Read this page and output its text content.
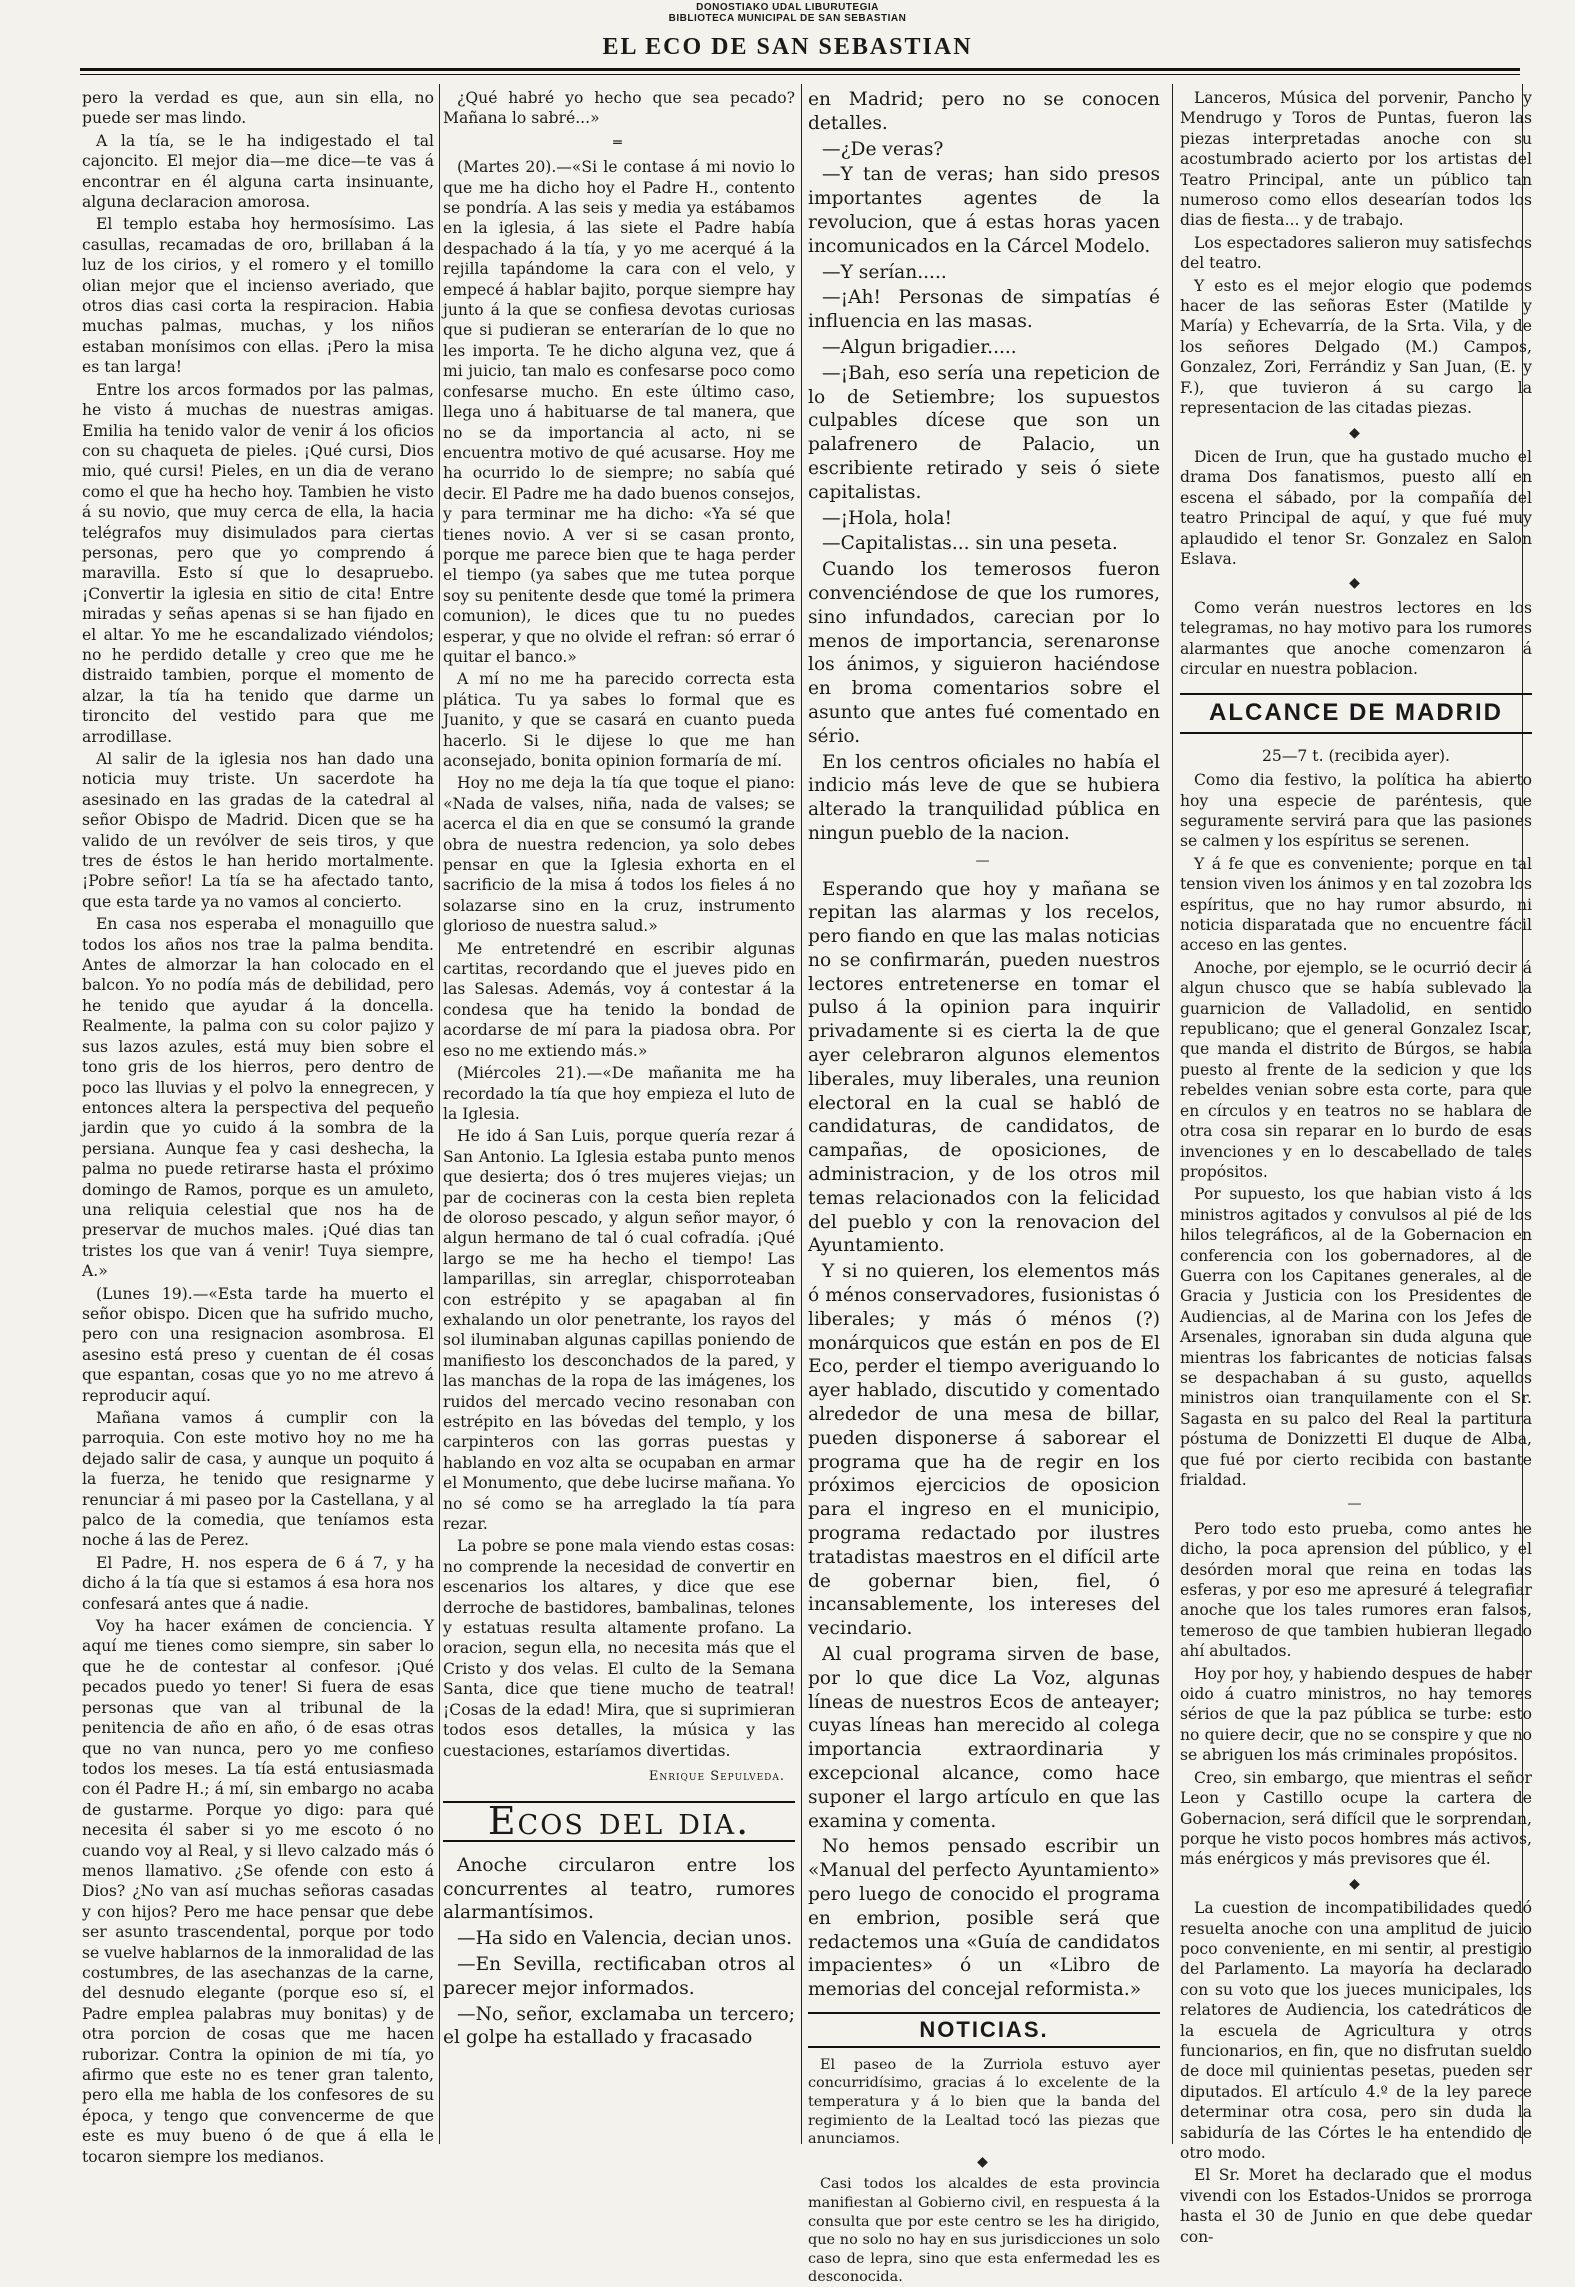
DONOSTIAKO UDAL LIBURUTEGIA
BIBLIOTECA MUNICIPAL DE SAN SEBASTIAN
EL ECO DE SAN SEBASTIAN

pero la verdad es que, aun sin ella, no puede ser mas lindo.

A la tía, se le ha indigestado el tal cajoncito. El mejor dia—me dice—te vas á encontrar en él alguna carta insinuante, alguna declaracion amorosa.

El templo estaba hoy hermosísimo. Las casullas, recamadas de oro, brillaban á la luz de los cirios, y el romero y el tomillo olian mejor que el incienso averiado, que otros dias casi corta la respiracion. Habia muchas palmas, muchas, y los niños estaban monísimos con ellas. ¡Pero la misa es tan larga!

Entre los arcos formados por las palmas, he visto á muchas de nuestras amigas. Emilia ha tenido valor de venir á los oficios con su chaqueta de pieles. ¡Qué cursi, Dios mio, qué cursi! Pieles, en un dia de verano como el que ha hecho hoy. Tambien he visto á su novio, que muy cerca de ella, la hacia telégrafos muy disimulados para ciertas personas, pero que yo comprendo á maravilla. Esto sí que lo desapruebo. ¡Convertir la iglesia en sitio de cita! Entre miradas y señas apenas si se han fijado en el altar. Yo me he escandalizado viéndolos; no he perdido detalle y creo que me he distraido tambien, porque el momento de alzar, la tía ha tenido que darme un tironcito del vestido para que me arrodillase.

Al salir de la iglesia nos han dado una noticia muy triste. Un sacerdote ha asesinado en las gradas de la catedral al señor Obispo de Madrid. Dicen que se ha valido de un revólver de seis tiros, y que tres de éstos le han herido mortalmente. ¡Pobre señor! La tía se ha afectado tanto, que esta tarde ya no vamos al concierto.

En casa nos esperaba el monaguillo que todos los años nos trae la palma bendita. Antes de almorzar la han colocado en el balcon. Yo no podía más de debilidad, pero he tenido que ayudar á la doncella. Realmente, la palma con su color pajizo y sus lazos azules, está muy bien sobre el tono gris de los hierros, pero dentro de poco las lluvias y el polvo la ennegrecen, y entonces altera la perspectiva del pequeño jardin que yo cuido á la sombra de la persiana. Aunque fea y casi deshecha, la palma no puede retirarse hasta el próximo domingo de Ramos, porque es un amuleto, una reliquia celestial que nos ha de preservar de muchos males. ¡Qué dias tan tristes los que van á venir! Tuya siempre, A.»

(Lunes 19).—«Esta tarde ha muerto el señor obispo. Dicen que ha sufrido mucho, pero con una resignacion asombrosa. El asesino está preso y cuentan de él cosas que espantan, cosas que yo no me atrevo á reproducir aquí.

Mañana vamos á cumplir con la parroquia. Con este motivo hoy no me ha dejado salir de casa, y aunque un poquito á la fuerza, he tenido que resignarme y renunciar á mi paseo por la Castellana, y al palco de la comedia, que teníamos esta noche á las de Perez.

El Padre, H. nos espera de 6 á 7, y ha dicho á la tía que si estamos á esa hora nos confesará antes que á nadie.

Voy ha hacer exámen de conciencia. Y aquí me tienes como siempre, sin saber lo que he de contestar al confesor. ¡Qué pecados puedo yo tener! Si fuera de esas personas que van al tribunal de la penitencia de año en año, ó de esas otras que no van nunca, pero yo me confieso todos los meses. La tía está entusiasmada con él Padre H.; á mí, sin embargo no acaba de gustarme. Porque yo digo: para qué necesita él saber si yo me escoto ó no cuando voy al Real, y si llevo calzado más ó menos llamativo. ¿Se ofende con esto á Dios? ¿No van así muchas señoras casadas y con hijos? Pero me hace pensar que debe ser asunto trascendental, porque por todo se vuelve hablarnos de la inmoralidad de las costumbres, de las asechanzas de la carne, del desnudo elegante (porque eso sí, el Padre emplea palabras muy bonitas) y de otra porcion de cosas que me hacen ruborizar. Contra la opinion de mi tía, yo afirmo que este no es tener gran talento, pero ella me habla de los confesores de su época, y tengo que convencerme de que este es muy bueno ó de que á ella le tocaron siempre los medianos.

¿Qué habré yo hecho que sea pecado? Mañana lo sabré...»

═

(Martes 20).—«Si le contase á mi novio lo que me ha dicho hoy el Padre H., contento se pondría. A las seis y media ya estábamos en la iglesia, á las siete el Padre había despachado á la tía, y yo me acerqué á la rejilla tapándome la cara con el velo, y empecé á hablar bajito, porque siempre hay junto á la que se confiesa devotas curiosas que si pudieran se enterarían de lo que no les importa. Te he dicho alguna vez, que á mi juicio, tan malo es confesarse poco como confesarse mucho. En este último caso, llega uno á habituarse de tal manera, que no se da importancia al acto, ni se encuentra motivo de qué acusarse. Hoy me ha ocurrido lo de siempre; no sabía qué decir. El Padre me ha dado buenos consejos, y para terminar me ha dicho: «Ya sé que tienes novio. A ver si se casan pronto, porque me parece bien que te haga perder el tiempo (ya sabes que me tutea porque soy su penitente desde que tomé la primera comunion), le dices que tu no puedes esperar, y que no olvide el refran: só errar ó quitar el banco.»

A mí no me ha parecido correcta esta plática. Tu ya sabes lo formal que es Juanito, y que se casará en cuanto pueda hacerlo. Si le dijese lo que me han aconsejado, bonita opinion formaría de mí.

Hoy no me deja la tía que toque el piano: «Nada de valses, niña, nada de valses; se acerca el dia en que se consumó la grande obra de nuestra redencion, ya solo debes pensar en que la Iglesia exhorta en el sacrificio de la misa á todos los fieles á no solazarse sino en la cruz, instrumento glorioso de nuestra salud.»

Me entretendré en escribir algunas cartitas, recordando que el jueves pido en las Salesas. Además, voy á contestar á la condesa que ha tenido la bondad de acordarse de mí para la piadosa obra. Por eso no me extiendo más.»

(Miércoles 21).—«De mañanita me ha recordado la tía que hoy empieza el luto de la Iglesia.

He ido á San Luis, porque quería rezar á San Antonio. La Iglesia estaba punto menos que desierta; dos ó tres mujeres viejas; un par de cocineras con la cesta bien repleta de oloroso pescado, y algun señor mayor, ó algun hermano de tal ó cual cofradía. ¡Qué largo se me ha hecho el tiempo! Las lamparillas, sin arreglar, chisporroteaban con estrépito y se apagaban al fin exhalando un olor penetrante, los rayos del sol iluminaban algunas capillas poniendo de manifiesto los desconchados de la pared, y las manchas de la ropa de las imágenes, los ruidos del mercado vecino resonaban con estrépito en las bóvedas del templo, y los carpinteros con las gorras puestas y hablando en voz alta se ocupaban en armar el Monumento, que debe lucirse mañana. Yo no sé como se ha arreglado la tía para rezar.

La pobre se pone mala viendo estas cosas: no comprende la necesidad de convertir en escenarios los altares, y dice que ese derroche de bastidores, bambalinas, telones y estatuas resulta altamente profano. La oracion, segun ella, no necesita más que el Cristo y dos velas. El culto de la Semana Santa, dice que tiene mucho de teatral! ¡Cosas de la edad! Mira, que si suprimieran todos esos detalles, la música y las cuestaciones, estaríamos divertidas.

Enrique Sepulveda.
Ecos del dia.

Anoche circularon entre los concurrentes al teatro, rumores alarmantísimos.

—Ha sido en Valencia, decian unos.

—En Sevilla, rectificaban otros al parecer mejor informados.

—No, señor, exclamaba un tercero; el golpe ha estallado y fracasado

en Madrid; pero no se conocen detalles.

—¿De veras?

—Y tan de veras; han sido presos importantes agentes de la revolucion, que á estas horas yacen incomunicados en la Cárcel Modelo.

—Y serían.....

—¡Ah! Personas de simpatías é influencia en las masas.

—Algun brigadier.....

—¡Bah, eso sería una repeticion de lo de Setiembre; los supuestos culpables dícese que son un palafrenero de Palacio, un escribiente retirado y seis ó siete capitalistas.

—¡Hola, hola!

—Capitalistas... sin una peseta.

Cuando los temerosos fueron convenciéndose de que los rumores, sino infundados, carecian por lo menos de importancia, serenaronse los ánimos, y siguieron haciéndose en broma comentarios sobre el asunto que antes fué comentado en sério.

En los centros oficiales no había el indicio más leve de que se hubiera alterado la tranquilidad pública en ningun pueblo de la nacion.

—

Esperando que hoy y mañana se repitan las alarmas y los recelos, pero fiando en que las malas noticias no se confirmarán, pueden nuestros lectores entretenerse en tomar el pulso á la opinion para inquirir privadamente si es cierta la de que ayer celebraron algunos elementos liberales, muy liberales, una reunion electoral en la cual se habló de candidaturas, de candidatos, de campañas, de oposiciones, de administracion, y de los otros mil temas relacionados con la felicidad del pueblo y con la renovacion del Ayuntamiento.

Y si no quieren, los elementos más ó ménos conservadores, fusionistas ó liberales; y más ó ménos (?) monárquicos que están en pos de El Eco, perder el tiempo averiguando lo ayer hablado, discutido y comentado alrededor de una mesa de billar, pueden disponerse á saborear el programa que ha de regir en los próximos ejercicios de oposicion para el ingreso en el municipio, programa redactado por ilustres tratadistas maestros en el difícil arte de gobernar bien, fiel, ó incansablemente, los intereses del vecindario.

Al cual programa sirven de base, por lo que dice La Voz, algunas líneas de nuestros Ecos de anteayer; cuyas líneas han merecido al colega importancia extraordinaria y excepcional alcance, como hace suponer el largo artículo en que las examina y comenta.

No hemos pensado escribir un «Manual del perfecto Ayuntamiento» pero luego de conocido el programa en embrion, posible será que redactemos una «Guía de candidatos impacientes» ó un «Libro de memorias del concejal reformista.»

NOTICIAS.

El paseo de la Zurriola estuvo ayer concurridísimo, gracias á lo excelente de la temperatura y á lo bien que la banda del regimiento de la Lealtad tocó las piezas que anunciamos.

◆

Casi todos los alcaldes de esta provincia manifiestan al Gobierno civil, en respuesta á la consulta que por este centro se les ha dirigido, que no solo no hay en sus jurisdicciones un solo caso de lepra, sino que esta enfermedad les es desconocida.

Lanceros, Música del porvenir, Pancho y Mendrugo y Toros de Puntas, fueron las piezas interpretadas anoche con su acostumbrado acierto por los artistas del Teatro Principal, ante un público tan numeroso como ellos desearían todos los dias de fiesta... y de trabajo.

Los espectadores salieron muy satisfechos del teatro.

Y esto es el mejor elogio que podemos hacer de las señoras Ester (Matilde y María) y Echevarría, de la Srta. Vila, y de los señores Delgado (M.) Campos, Gonzalez, Zori, Ferrándiz y San Juan, (E. y F.), que tuvieron á su cargo la representacion de las citadas piezas.

◆

Dicen de Irun, que ha gustado mucho el drama Dos fanatismos, puesto allí en escena el sábado, por la compañía del teatro Principal de aquí, y que fué muy aplaudido el tenor Sr. Gonzalez en Salon Eslava.

◆

Como verán nuestros lectores en los telegramas, no hay motivo para los rumores alarmantes que anoche comenzaron á circular en nuestra poblacion.

ALCANCE DE MADRID
25—7 t. (recibida ayer).

Como dia festivo, la política ha abierto hoy una especie de paréntesis, que seguramente servirá para que las pasiones se calmen y los espíritus se serenen.

Y á fe que es conveniente; porque en tal tension viven los ánimos y en tal zozobra los espíritus, que no hay rumor absurdo, ni noticia disparatada que no encuentre fácil acceso en las gentes.

Anoche, por ejemplo, se le ocurrió decir á algun chusco que se había sublevado la guarnicion de Valladolid, en sentido republicano; que el general Gonzalez Iscar, que manda el distrito de Búrgos, se había puesto al frente de la sedicion y que los rebeldes venian sobre esta corte, para que en círculos y en teatros no se hablara de otra cosa sin reparar en lo burdo de esas invenciones y en lo descabellado de tales propósitos.

Por supuesto, los que habian visto á los ministros agitados y convulsos al pié de los hilos telegráficos, al de la Gobernacion en conferencia con los gobernadores, al de Guerra con los Capitanes generales, al de Gracia y Justicia con los Presidentes de Audiencias, al de Marina con los Jefes de Arsenales, ignoraban sin duda alguna que mientras los fabricantes de noticias falsas se despachaban á su gusto, aquellos ministros oian tranquilamente con el Sr. Sagasta en su palco del Real la partitura póstuma de Donizzetti El duque de Alba, que fué por cierto recibida con bastante frialdad.

—

Pero todo esto prueba, como antes he dicho, la poca aprension del público, y el desórden moral que reina en todas las esferas, y por eso me apresuré á telegrafiar anoche que los tales rumores eran falsos, temeroso de que tambien hubieran llegado ahí abultados.

Hoy por hoy, y habiendo despues de haber oido á cuatro ministros, no hay temores sérios de que la paz pública se turbe: esto no quiere decir, que no se conspire y que no se abriguen los más criminales propósitos.

Creo, sin embargo, que mientras el señor Leon y Castillo ocupe la cartera de Gobernacion, será difícil que le sorprendan, porque he visto pocos hombres más activos, más enérgicos y más previsores que él.

◆

La cuestion de incompatibilidades quedó resuelta anoche con una amplitud de juicio poco conveniente, en mi sentir, al prestigio del Parlamento. La mayoría ha declarado con su voto que los jueces municipales, los relatores de Audiencia, los catedráticos de la escuela de Agricultura y otros funcionarios, en fin, que no disfrutan sueldo de doce mil quinientas pesetas, pueden ser diputados. El artículo 4.º de la ley parece determinar otra cosa, pero sin duda la sabiduría de las Córtes le ha entendido de otro modo.

El Sr. Moret ha declarado que el modus vivendi con los Estados-Unidos se prorroga hasta el 30 de Junio en que debe quedar con-
